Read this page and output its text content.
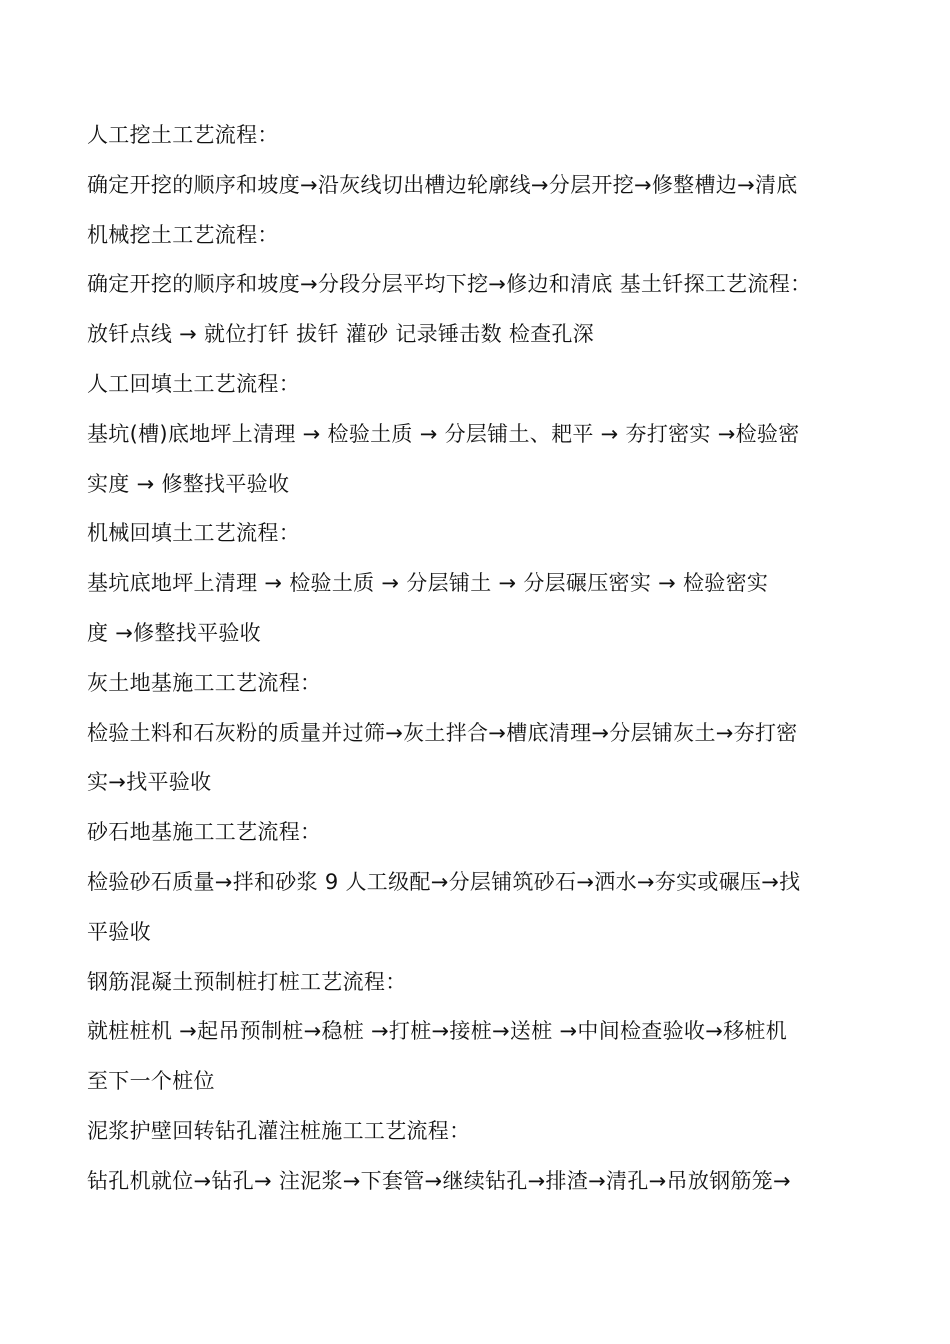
人工挖土工艺流程：
确定开挖的顺序和坡度→沿灰线切出槽边轮廓线→分层开挖→修整槽边→清底
机械挖土工艺流程：
确定开挖的顺序和坡度→分段分层平均下挖→修边和清底 基土钎探工艺流程：
放钎点线 → 就位打钎 拔钎 灌砂 记录锤击数 检查孔深
人工回填土工艺流程：
基坑(槽)底地坪上清理 → 检验土质 → 分层铺土、耙平 → 夯打密实 →检验密
实度 → 修整找平验收
机械回填土工艺流程：
基坑底地坪上清理 → 检验土质 → 分层铺土 → 分层碾压密实 → 检验密实
度 →修整找平验收
灰土地基施工工艺流程：
检验土料和石灰粉的质量并过筛→灰土拌合→槽底清理→分层铺灰土→夯打密
实→找平验收
砂石地基施工工艺流程：
检验砂石质量→拌和砂浆 9 人工级配→分层铺筑砂石→洒水→夯实或碾压→找
平验收
钢筋混凝土预制桩打桩工艺流程：
就桩桩机 →起吊预制桩→稳桩 →打桩→接桩→送桩 →中间检查验收→移桩机
至下一个桩位
泥浆护壁回转钻孔灌注桩施工工艺流程：
钻孔机就位→钻孔→ 注泥浆→下套管→继续钻孔→排渣→清孔→吊放钢筋笼→
